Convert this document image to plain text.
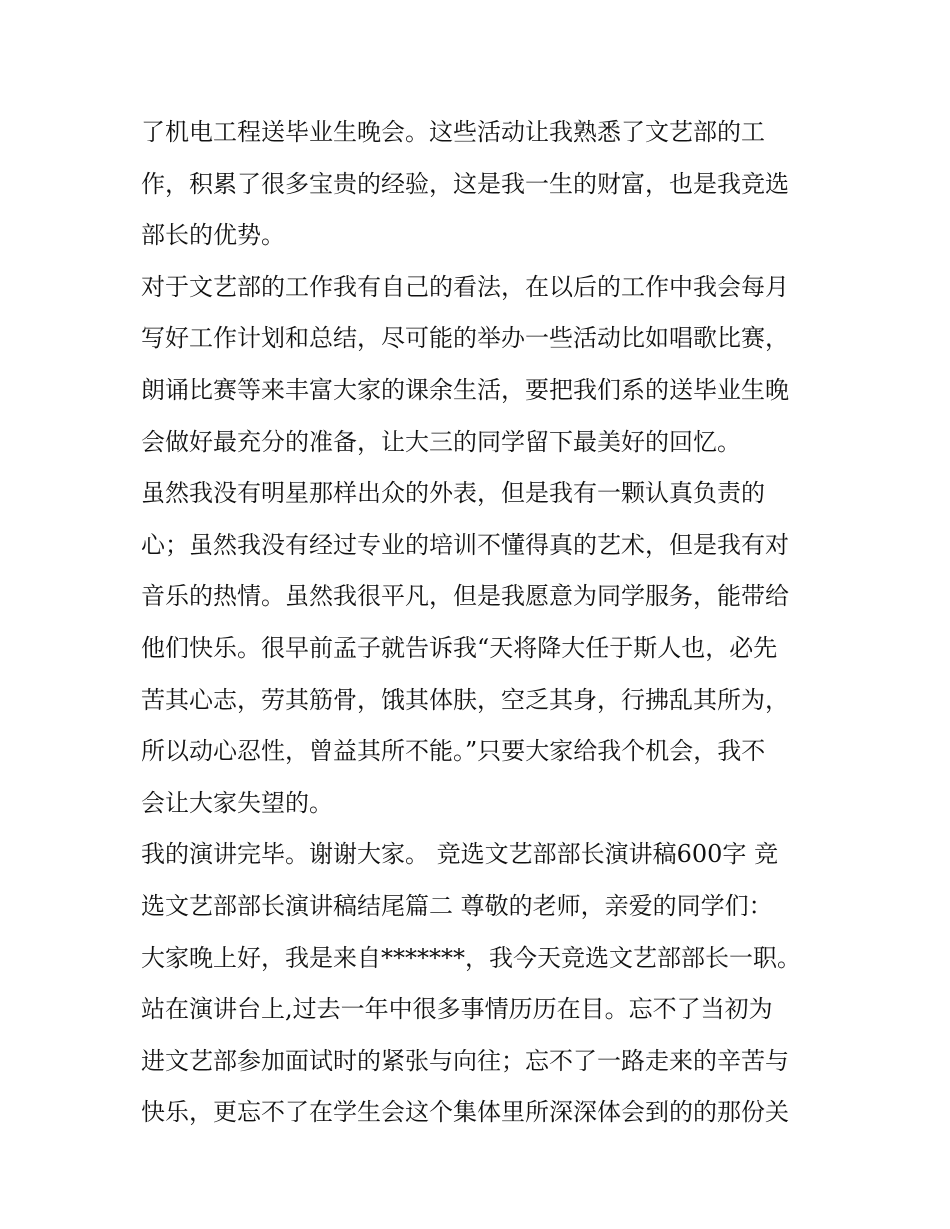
了机电工程送毕业生晚会。这些活动让我熟悉了文艺部的工
作，积累了很多宝贵的经验，这是我一生的财富，也是我竞选
部长的优势。
对于文艺部的工作我有自己的看法，在以后的工作中我会每月
写好工作计划和总结，尽可能的举办一些活动比如唱歌比赛，
朗诵比赛等来丰富大家的课余生活，要把我们系的送毕业生晚
会做好最充分的准备，让大三的同学留下最美好的回忆。
虽然我没有明星那样出众的外表，但是我有一颗认真负责的
心；虽然我没有经过专业的培训不懂得真的艺术，但是我有对
音乐的热情。虽然我很平凡，但是我愿意为同学服务，能带给
他们快乐。很早前孟子就告诉我“天将降大任于斯人也，必先
苦其心志，劳其筋骨，饿其体肤，空乏其身，行拂乱其所为，
所以动心忍性，曾益其所不能。”只要大家给我个机会，我不
会让大家失望的。
我的演讲完毕。谢谢大家。 竞选文艺部部长演讲稿600字 竞
选文艺部部长演讲稿结尾篇二 尊敬的老师，亲爱的同学们：
大家晚上好，我是来自*******，我今天竞选文艺部部长一职。
站在演讲台上,过去一年中很多事情历历在目。忘不了当初为
进文艺部参加面试时的紧张与向往；忘不了一路走来的辛苦与
快乐，更忘不了在学生会这个集体里所深深体会到的的那份关
